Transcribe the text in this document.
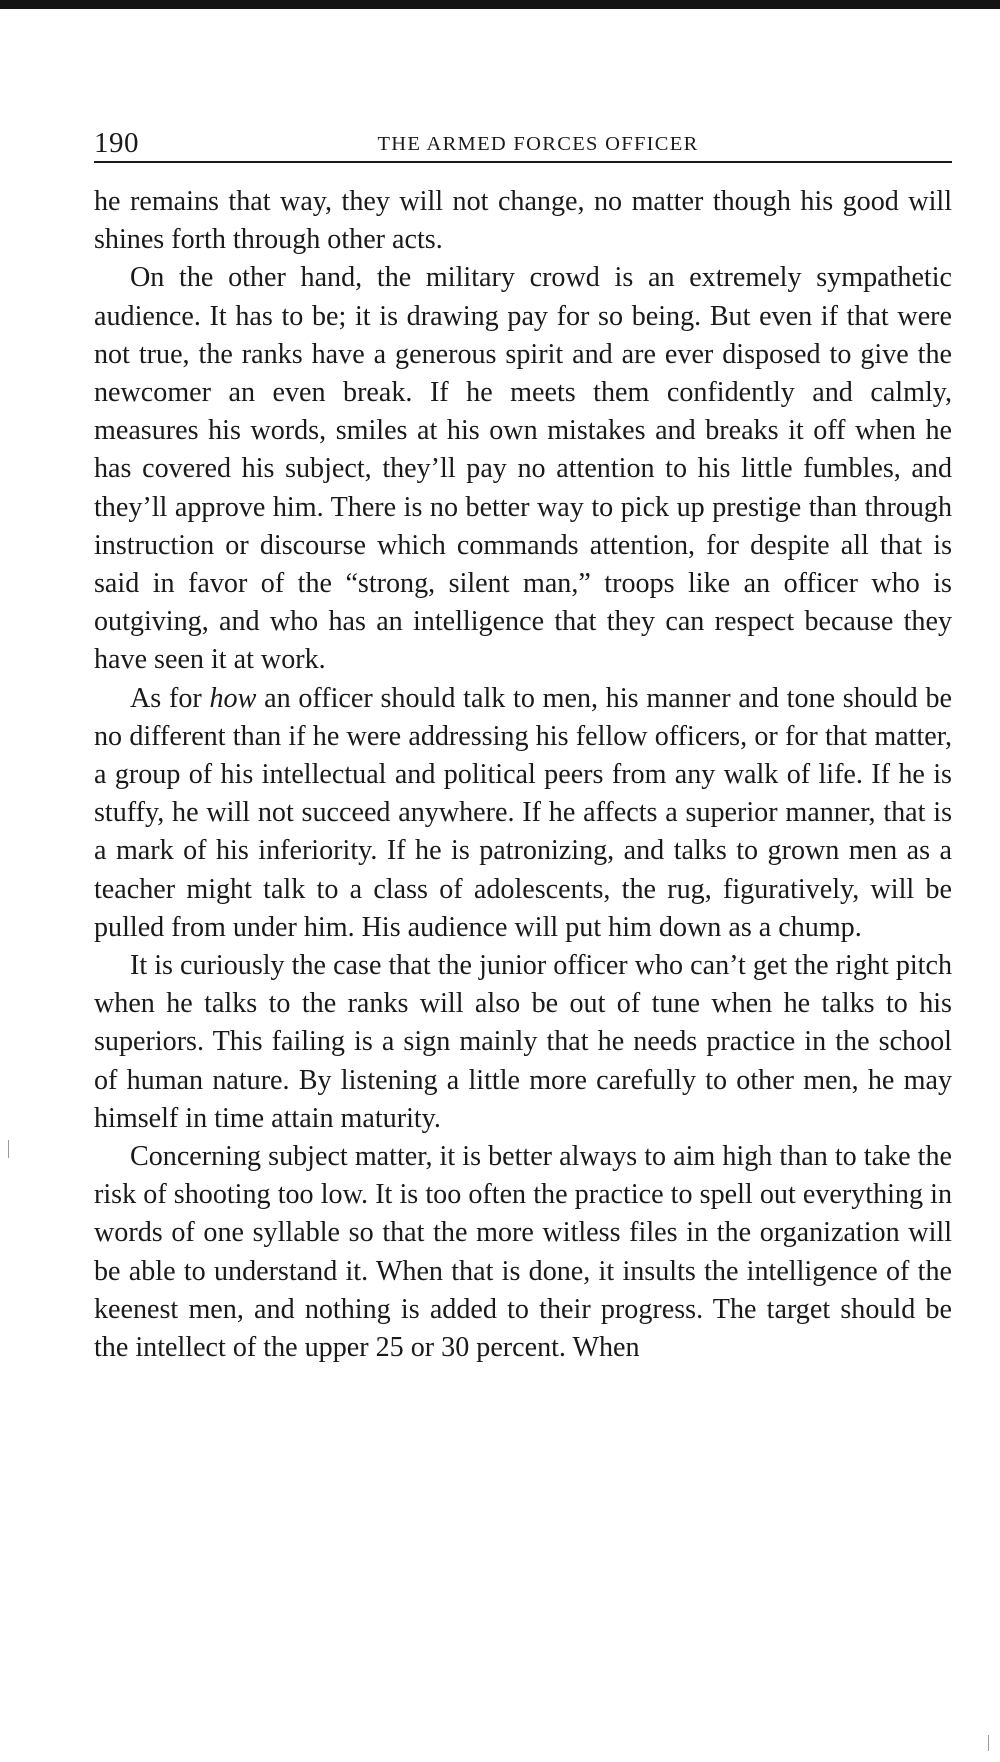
190	THE ARMED FORCES OFFICER

he remains that way, they will not change, no matter though his good will shines forth through other acts.

On the other hand, the military crowd is an extremely sympathetic audience. It has to be; it is drawing pay for so being. But even if that were not true, the ranks have a generous spirit and are ever disposed to give the newcomer an even break. If he meets them confidently and calmly, measures his words, smiles at his own mistakes and breaks it off when he has covered his subject, they’ll pay no attention to his little fumbles, and they’ll approve him. There is no better way to pick up prestige than through instruction or discourse which commands attention, for despite all that is said in favor of the “strong, silent man,” troops like an officer who is outgiving, and who has an intelligence that they can respect because they have seen it at work.

As for how an officer should talk to men, his manner and tone should be no different than if he were addressing his fellow officers, or for that matter, a group of his intellectual and political peers from any walk of life. If he is stuffy, he will not succeed anywhere. If he affects a superior manner, that is a mark of his inferiority. If he is patronizing, and talks to grown men as a teacher might talk to a class of adolescents, the rug, figuratively, will be pulled from under him. His audience will put him down as a chump.

It is curiously the case that the junior officer who can’t get the right pitch when he talks to the ranks will also be out of tune when he talks to his superiors. This failing is a sign mainly that he needs practice in the school of human nature. By listening a little more carefully to other men, he may himself in time attain maturity.

Concerning subject matter, it is better always to aim high than to take the risk of shooting too low. It is too often the practice to spell out everything in words of one syllable so that the more witless files in the organization will be able to understand it. When that is done, it insults the intelligence of the keenest men, and nothing is added to their progress. The target should be the intellect of the upper 25 or 30 percent. When
